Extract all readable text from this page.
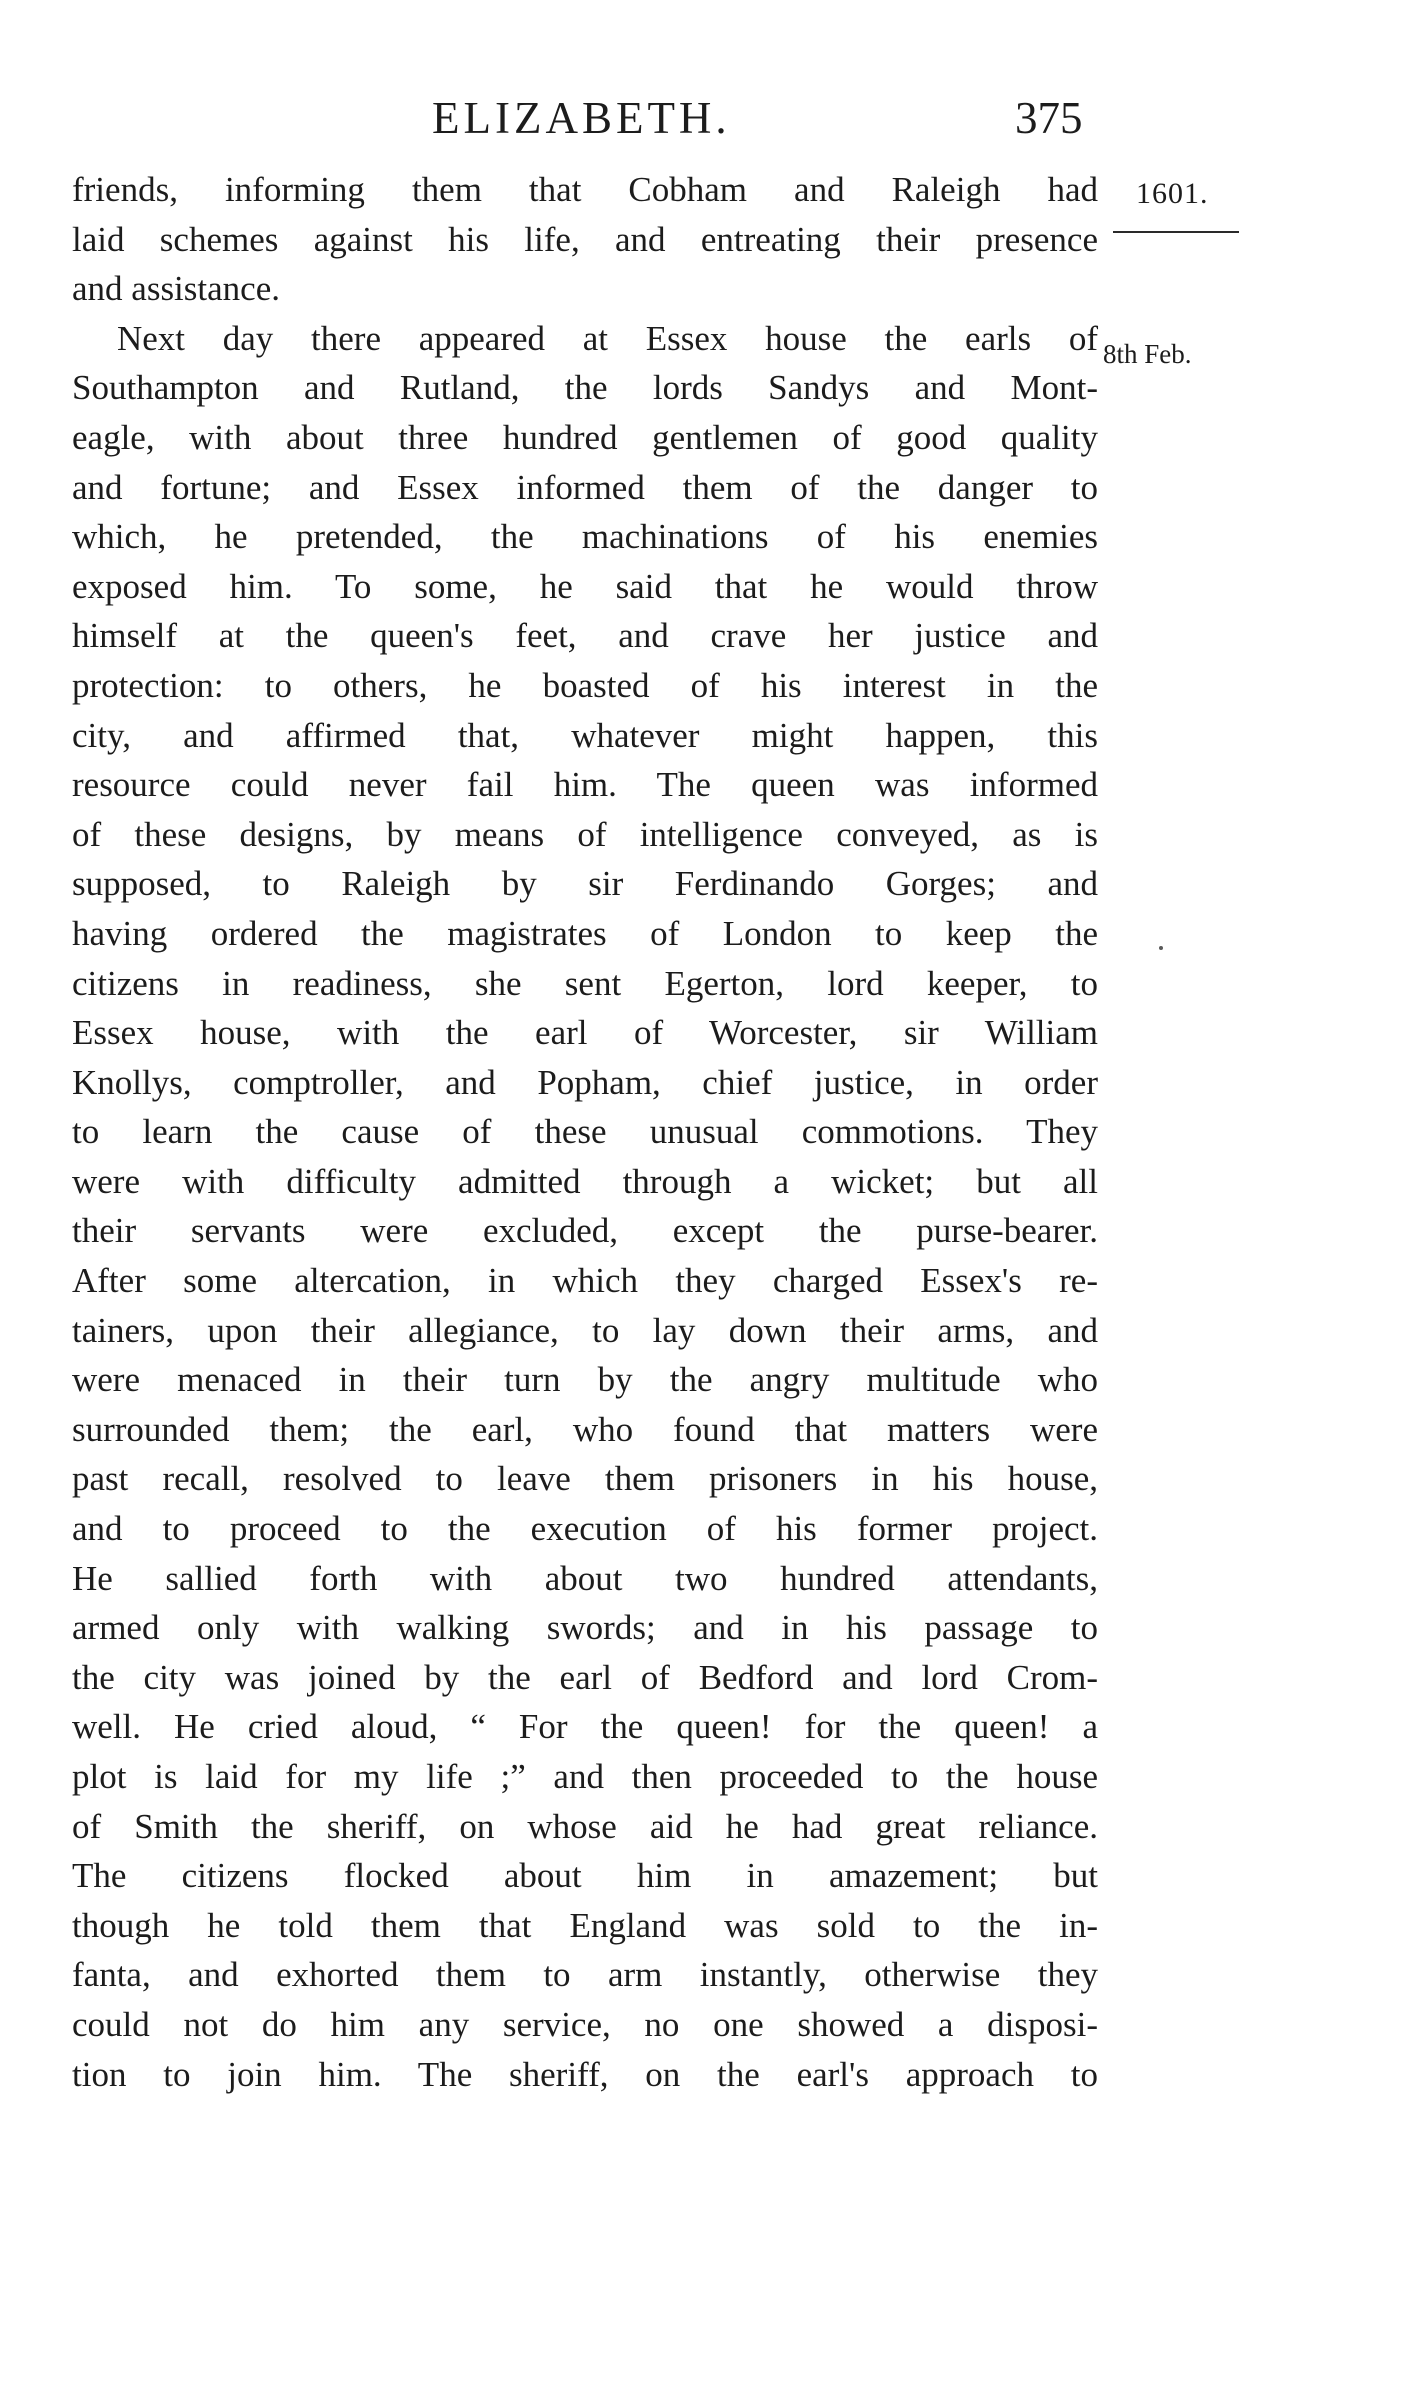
ELIZABETH.	375
1601.
8th Feb.
friends, informing them that Cobham and Raleigh had
laid schemes against his life, and entreating their presence
and assistance.
Next day there appeared at Essex house the earls of
Southampton and Rutland, the lords Sandys and Mont-
eagle, with about three hundred gentlemen of good quality
and fortune; and Essex informed them of the danger to
which, he pretended, the machinations of his enemies
exposed him. To some, he said that he would throw
himself at the queen's feet, and crave her justice and
protection: to others, he boasted of his interest in the
city, and affirmed that, whatever might happen, this
resource could never fail him. The queen was informed
of these designs, by means of intelligence conveyed, as is
supposed, to Raleigh by sir Ferdinando Gorges; and
having ordered the magistrates of London to keep the
citizens in readiness, she sent Egerton, lord keeper, to
Essex house, with the earl of Worcester, sir William
Knollys, comptroller, and Popham, chief justice, in order
to learn the cause of these unusual commotions. They
were with difficulty admitted through a wicket; but all
their servants were excluded, except the purse-bearer.
After some altercation, in which they charged Essex's re-
tainers, upon their allegiance, to lay down their arms, and
were menaced in their turn by the angry multitude who
surrounded them; the earl, who found that matters were
past recall, resolved to leave them prisoners in his house,
and to proceed to the execution of his former project.
He sallied forth with about two hundred attendants,
armed only with walking swords; and in his passage to
the city was joined by the earl of Bedford and lord Crom-
well. He cried aloud, “ For the queen! for the queen! a
plot is laid for my life ;” and then proceeded to the house
of Smith the sheriff, on whose aid he had great reliance.
The citizens flocked about him in amazement; but
though he told them that England was sold to the in-
fanta, and exhorted them to arm instantly, otherwise they
could not do him any service, no one showed a disposi-
tion to join him. The sheriff, on the earl's approach to
